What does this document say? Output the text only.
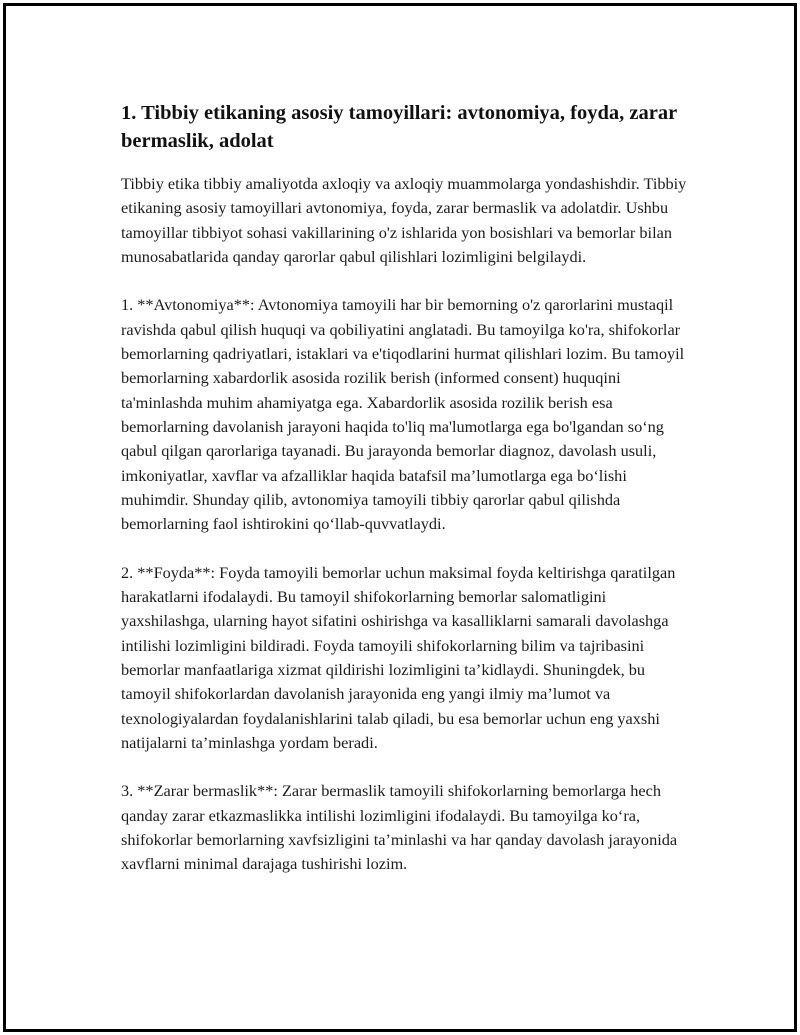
1. Tibbiy etikaning asosiy tamoyillari: avtonomiya, foyda, zarar bermaslik, adolat

Tibbiy etika tibbiy amaliyotda axloqiy va axloqiy muammolarga yondashishdir. Tibbiy etikaning asosiy tamoyillari avtonomiya, foyda, zarar bermaslik va adolatdir. Ushbu tamoyillar tibbiyot sohasi vakillarining o'z ishlarida yon bosishlari va bemorlar bilan munosabatlarida qanday qarorlar qabul qilishlari lozimligini belgilaydi.

1. **Avtonomiya**: Avtonomiya tamoyili har bir bemorning o'z qarorlarini mustaqil ravishda qabul qilish huquqi va qobiliyatini anglatadi. Bu tamoyilga ko'ra, shifokorlar bemorlarning qadriyatlari, istaklari va e'tiqodlarini hurmat qilishlari lozim. Bu tamoyil bemorlarning xabardorlik asosida rozilik berish (informed consent) huquqini ta'minlashda muhim ahamiyatga ega. Xabardorlik asosida rozilik berish esa bemorlarning davolanish jarayoni haqida to'liq ma'lumotlarga ega bo'lgandan so‘ng qabul qilgan qarorlariga tayanadi. Bu jarayonda bemorlar diagnoz, davolash usuli, imkoniyatlar, xavflar va afzalliklar haqida batafsil ma’lumotlarga ega bo‘lishi muhimdir. Shunday qilib, avtonomiya tamoyili tibbiy qarorlar qabul qilishda bemorlarning faol ishtirokini qo‘llab-quvvatlaydi.

2. **Foyda**: Foyda tamoyili bemorlar uchun maksimal foyda keltirishga qaratilgan harakatlarni ifodalaydi. Bu tamoyil shifokorlarning bemorlar salomatligini yaxshilashga, ularning hayot sifatini oshirishga va kasalliklarni samarali davolashga intilishi lozimligini bildiradi. Foyda tamoyili shifokorlarning bilim va tajribasini bemorlar manfaatlariga xizmat qildirishi lozimligini ta’kidlaydi. Shuningdek, bu tamoyil shifokorlardan davolanish jarayonida eng yangi ilmiy ma’lumot va texnologiyalardan foydalanishlarini talab qiladi, bu esa bemorlar uchun eng yaxshi natijalarni ta’minlashga yordam beradi.

3. **Zarar bermaslik**: Zarar bermaslik tamoyili shifokorlarning bemorlarga hech qanday zarar etkazmaslikka intilishi lozimligini ifodalaydi. Bu tamoyilga ko‘ra, shifokorlar bemorlarning xavfsizligini ta’minlashi va har qanday davolash jarayonida xavflarni minimal darajaga tushirishi lozim.
